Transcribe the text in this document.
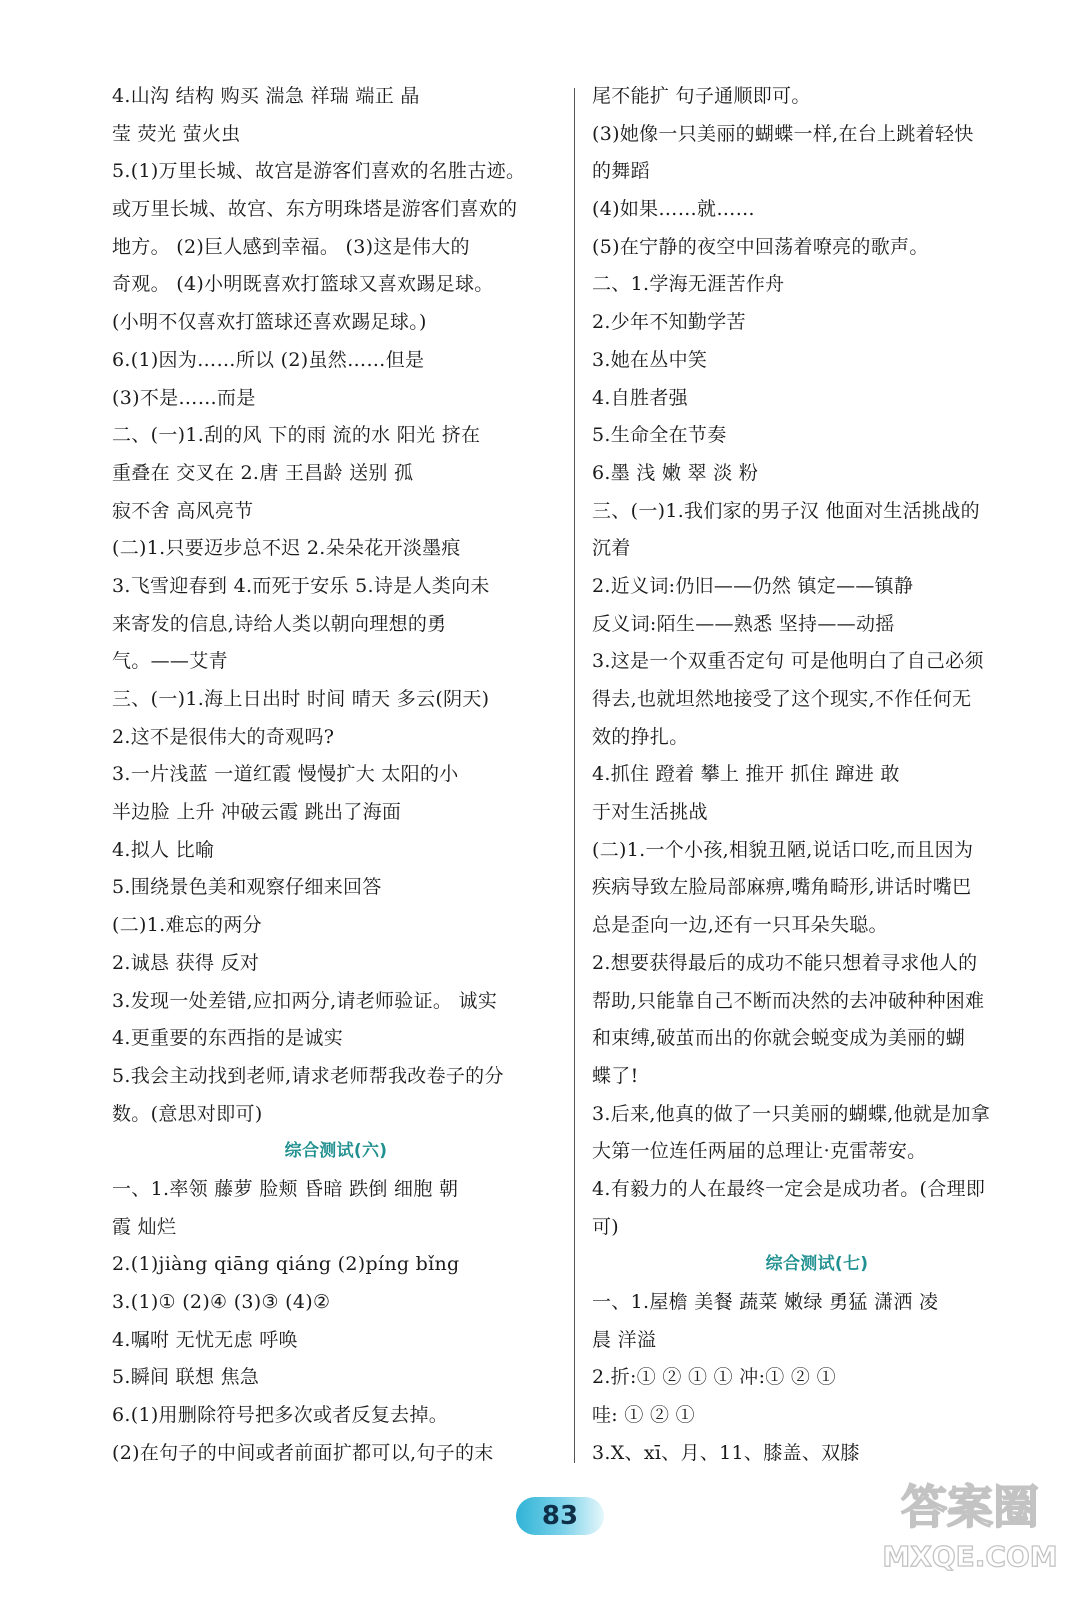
4.山沟 结构 购买 湍急 祥瑞 端正 晶
莹 荧光 萤火虫
5.(1)万里长城、故宫是游客们喜欢的名胜古迹。
或万里长城、故宫、东方明珠塔是游客们喜欢的
地方。 (2)巨人感到幸福。 (3)这是伟大的
奇观。 (4)小明既喜欢打篮球又喜欢踢足球。
(小明不仅喜欢打篮球还喜欢踢足球。)
6.(1)因为……所以 (2)虽然……但是
(3)不是……而是
二、(一)1.刮的风 下的雨 流的水 阳光 挤在
重叠在 交叉在 2.唐 王昌龄 送别 孤
寂不舍 高风亮节
(二)1.只要迈步总不迟 2.朵朵花开淡墨痕
3.飞雪迎春到 4.而死于安乐 5.诗是人类向未
来寄发的信息,诗给人类以朝向理想的勇
气。——艾青
三、(一)1.海上日出时 时间 晴天 多云(阴天)
2.这不是很伟大的奇观吗?
3.一片浅蓝 一道红霞 慢慢扩大 太阳的小
半边脸 上升 冲破云霞 跳出了海面
4.拟人 比喻
5.围绕景色美和观察仔细来回答
(二)1.难忘的两分
2.诚恳 获得 反对
3.发现一处差错,应扣两分,请老师验证。 诚实
4.更重要的东西指的是诚实
5.我会主动找到老师,请求老师帮我改卷子的分
数。(意思对即可)
综合测试(六)
一、1.率领 藤萝 脸颊 昏暗 跌倒 细胞 朝
霞 灿烂
2.(1)jiàng qiāng qiáng (2)píng bǐng
3.(1)① (2)④ (3)③ (4)②
4.嘱咐 无忧无虑 呼唤
5.瞬间 联想 焦急
6.(1)用删除符号把多次或者反复去掉。
(2)在句子的中间或者前面扩都可以,句子的末
尾不能扩 句子通顺即可。
(3)她像一只美丽的蝴蝶一样,在台上跳着轻快
的舞蹈
(4)如果……就……
(5)在宁静的夜空中回荡着嘹亮的歌声。
二、1.学海无涯苦作舟
2.少年不知勤学苦
3.她在丛中笑
4.自胜者强
5.生命全在节奏
6.墨 浅 嫩 翠 淡 粉
三、(一)1.我们家的男子汉 他面对生活挑战的
沉着
2.近义词:仍旧——仍然 镇定——镇静
反义词:陌生——熟悉 坚持——动摇
3.这是一个双重否定句 可是他明白了自己必须
得去,也就坦然地接受了这个现实,不作任何无
效的挣扎。
4.抓住 蹬着 攀上 推开 抓住 蹿进 敢
于对生活挑战
(二)1.一个小孩,相貌丑陋,说话口吃,而且因为
疾病导致左脸局部麻痹,嘴角畸形,讲话时嘴巴
总是歪向一边,还有一只耳朵失聪。
2.想要获得最后的成功不能只想着寻求他人的
帮助,只能靠自己不断而决然的去冲破种种困难
和束缚,破茧而出的你就会蜕变成为美丽的蝴
蝶了!
3.后来,他真的做了一只美丽的蝴蝶,他就是加拿
大第一位连任两届的总理让·克雷蒂安。
4.有毅力的人在最终一定会是成功者。(合理即
可)
综合测试(七)
一、1.屋檐 美餐 蔬菜 嫩绿 勇猛 潇洒 凌
晨 洋溢
2.折:① ② ① ① 冲:① ② ①
哇: ① ② ①
3.X、xī、月、11、膝盖、双膝
83	答案圈
MXQE.COM
